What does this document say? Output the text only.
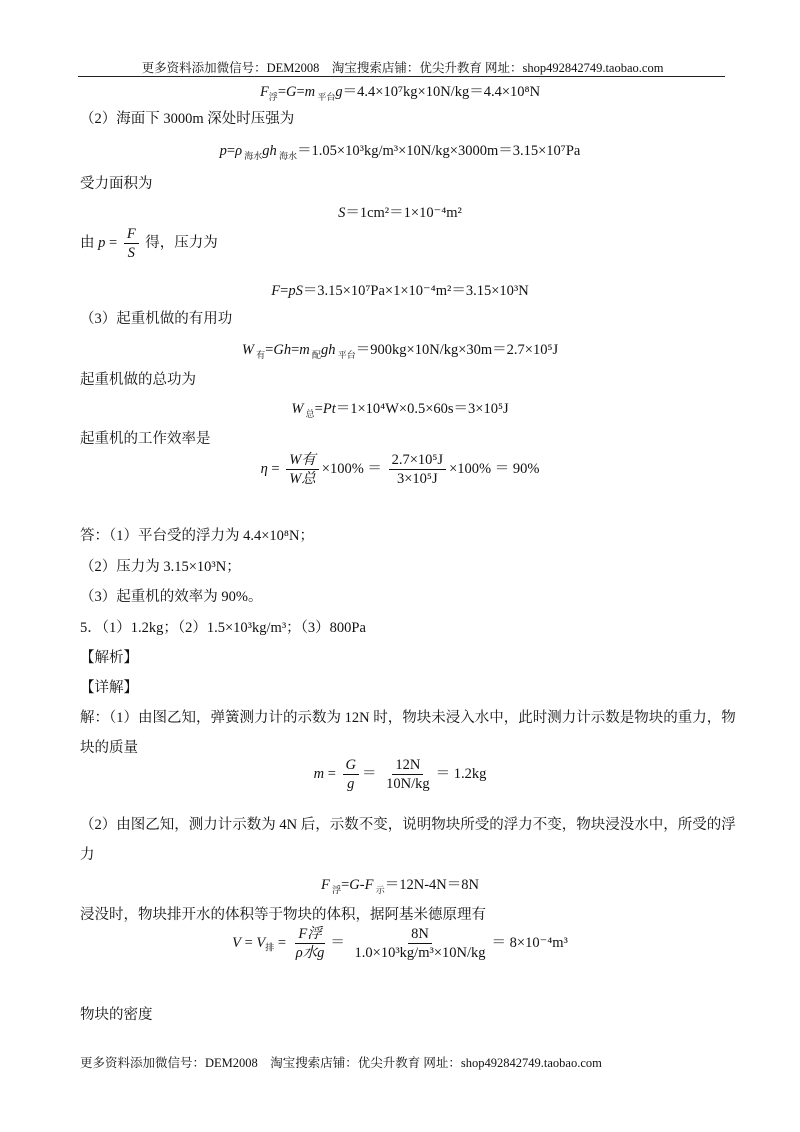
更多资料添加微信号：DEM2008　淘宝搜索店铺：优尖升教育 网址：shop492842749.taobao.com
$F_浮=G=m$ $_{平台}$g＝4.4×10⁷kg×10N/kg＝4.4×10⁸N
（2）海面下 3000m 深处时压强为
p=ρ $_{海水}$gh $_{海水}$＝1.05×10³kg/m³×10N/kg×3000m＝3.15×10⁷Pa
受力面积为
S＝1cm²＝1×10⁻⁴m²
由 $p = \frac{F}{S}$ 得，压力为
F=pS＝3.15×10⁷Pa×1×10⁻⁴m²＝3.15×10³N
（3）起重机做的有用功
W $_有$=Gh=m $_配$gh $_{平台}$＝900kg×10N/kg×30m＝2.7×10⁵J
起重机做的总功为
W $_总$=Pt＝1×10⁴W×0.5×60s＝3×10⁵J
起重机的工作效率是
$\eta = \frac{\text{W有}}{\text{W总}} \times 100\% = \frac{\text{2.7×10⁵J}}{\text{3×10⁵J}} \times 100\% = 90\%$
答：（1）平台受的浮力为 4.4×10⁸N；
（2）压力为 3.15×10³N；
（3）起重机的效率为 90%。
5．（1）1.2kg；（2）1.5×10³kg/m³；（3）800Pa
【解析】
【详解】
解：（1）由图乙知，弹簧测力计的示数为 12N 时，物块未浸入水中，此时测力计示数是物块的重力，物
块的质量
$m = \frac{G}{g} = \frac{12N}{10N/kg} = 1.2kg$
（2）由图乙知，测力计示数为 4N 后，示数不变，说明物块所受的浮力不变，物块浸没水中，所受的浮
力
F $_浮$=G-F $_示$＝12N-4N＝8N
浸没时，物块排开水的体积等于物块的体积，据阿基米德原理有
$V = V_排 = \frac{\text{F浮}}{\text{ρ水g}} = \frac{8N}{\text{1.0×10³kg/m³×10N/kg}} = 8\times 10^{-4}m^3$
物块的密度
更多资料添加微信号：DEM2008　淘宝搜索店铺：优尖升教育 网址：shop492842749.taobao.com
